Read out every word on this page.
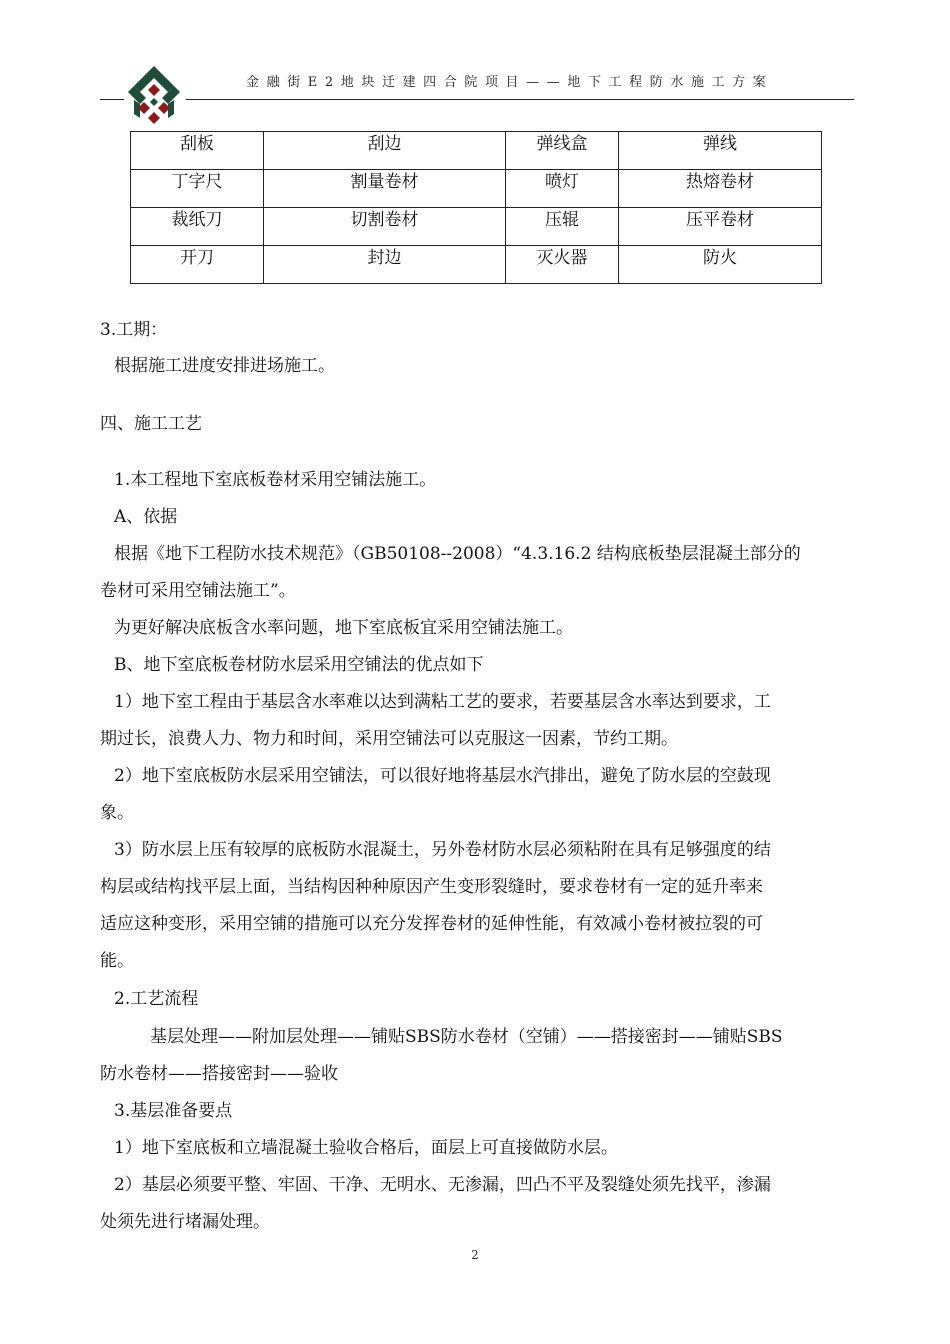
金融街E2地块迁建四合院项目——地下工程防水施工方案
刮板	刮边	弹线盒	弹线
丁字尺	割量卷材	喷灯	热熔卷材
裁纸刀	切割卷材	压辊	压平卷材
开刀	封边	灭火器	防火
3.工期：
根据施工进度安排进场施工。
四、施工工艺
1.本工程地下室底板卷材采用空铺法施工。
A、依据
根据《地下工程防水技术规范》（GB50108--2008）“4.3.16.2 结构底板垫层混凝土部分的
卷材可采用空铺法施工”。
为更好解决底板含水率问题，地下室底板宜采用空铺法施工。
B、地下室底板卷材防水层采用空铺法的优点如下
1）地下室工程由于基层含水率难以达到满粘工艺的要求，若要基层含水率达到要求，工
期过长，浪费人力、物力和时间，采用空铺法可以克服这一因素，节约工期。
2）地下室底板防水层采用空铺法，可以很好地将基层水汽排出，避免了防水层的空鼓现
象。
3）防水层上压有较厚的底板防水混凝土，另外卷材防水层必须粘附在具有足够强度的结
构层或结构找平层上面，当结构因种种原因产生变形裂缝时，要求卷材有一定的延升率来
适应这种变形，采用空铺的措施可以充分发挥卷材的延伸性能，有效减小卷材被拉裂的可
能。
2.工艺流程
基层处理——附加层处理——铺贴SBS防水卷材（空铺）——搭接密封——铺贴SBS
防水卷材——搭接密封——验收
3.基层准备要点
1）地下室底板和立墙混凝土验收合格后，面层上可直接做防水层。
2）基层必须要平整、牢固、干净、无明水、无渗漏，凹凸不平及裂缝处须先找平，渗漏
处须先进行堵漏处理。
2
